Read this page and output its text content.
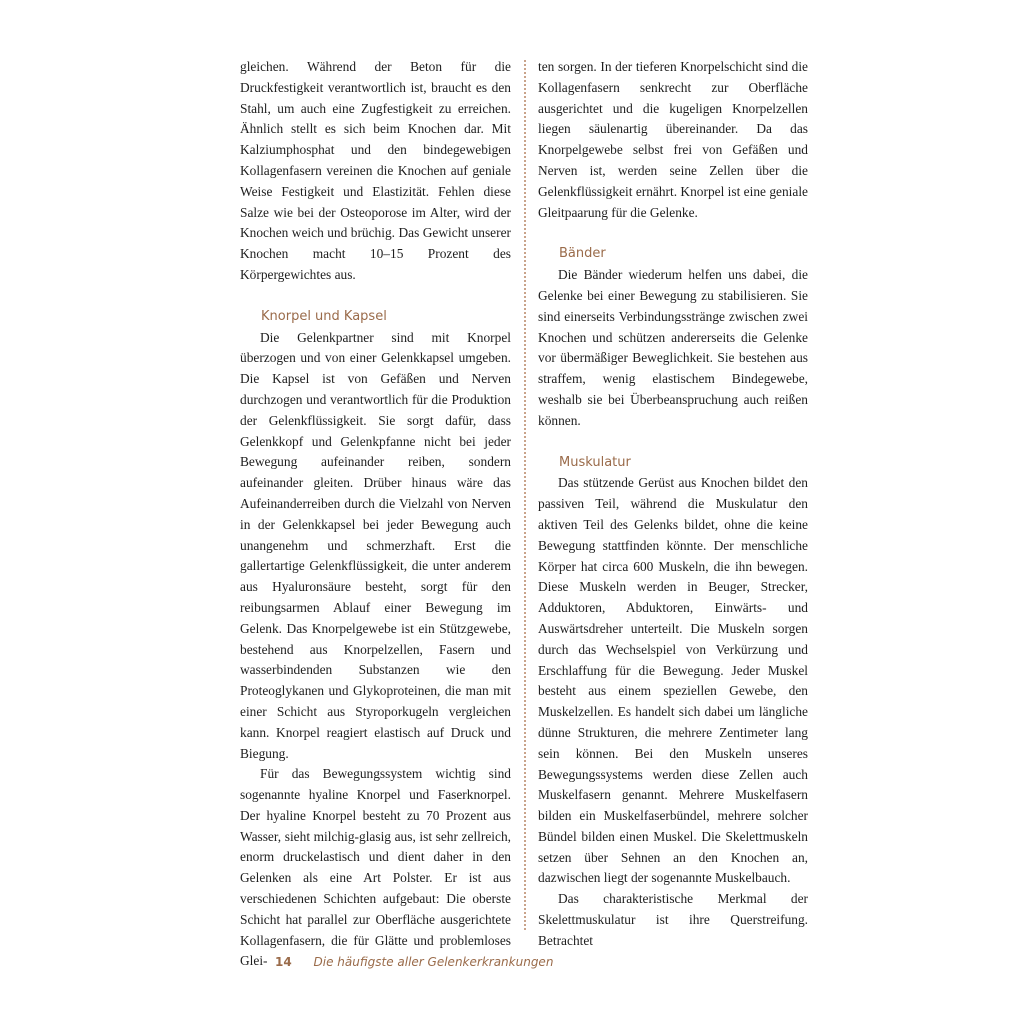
gleichen. Während der Beton für die Druckfestigkeit verantwortlich ist, braucht es den Stahl, um auch eine Zugfestigkeit zu erreichen. Ähnlich stellt es sich beim Knochen dar. Mit Kalziumphosphat und den bindegewebigen Kollagenfasern vereinen die Knochen auf geniale Weise Festigkeit und Elastizität. Fehlen diese Salze wie bei der Osteoporose im Alter, wird der Knochen weich und brüchig. Das Gewicht unserer Knochen macht 10–15 Prozent des Körpergewichtes aus.

Knorpel und Kapsel

Die Gelenkpartner sind mit Knorpel überzogen und von einer Gelenkkapsel umgeben. Die Kapsel ist von Gefäßen und Nerven durchzogen und verantwortlich für die Produktion der Gelenkflüssigkeit. Sie sorgt dafür, dass Gelenkkopf und Gelenkpfanne nicht bei jeder Bewegung aufeinander reiben, sondern aufeinander gleiten. Drüber hinaus wäre das Aufeinanderreiben durch die Vielzahl von Nerven in der Gelenkkapsel bei jeder Bewegung auch unangenehm und schmerzhaft. Erst die gallertartige Gelenkflüssigkeit, die unter anderem aus Hyaluronsäure besteht, sorgt für den reibungsarmen Ablauf einer Bewegung im Gelenk. Das Knorpelgewebe ist ein Stützgewebe, bestehend aus Knorpelzellen, Fasern und wasserbindenden Substanzen wie den Proteoglykanen und Glykoproteinen, die man mit einer Schicht aus Styroporkugeln vergleichen kann. Knorpel reagiert elastisch auf Druck und Biegung.

Für das Bewegungssystem wichtig sind sogenannte hyaline Knorpel und Faserknorpel. Der hyaline Knorpel besteht zu 70 Prozent aus Wasser, sieht milchig-glasig aus, ist sehr zellreich, enorm druckelastisch und dient daher in den Gelenken als eine Art Polster. Er ist aus verschiedenen Schichten aufgebaut: Die oberste Schicht hat parallel zur Oberfläche ausgerichtete Kollagenfasern, die für Glätte und problemloses Glei-

ten sorgen. In der tieferen Knorpelschicht sind die Kollagenfasern senkrecht zur Oberfläche ausgerichtet und die kugeligen Knorpelzellen liegen säulenartig übereinander. Da das Knorpelgewebe selbst frei von Gefäßen und Nerven ist, werden seine Zellen über die Gelenkflüssigkeit ernährt. Knorpel ist eine geniale Gleitpaarung für die Gelenke.

Bänder

Die Bänder wiederum helfen uns dabei, die Gelenke bei einer Bewegung zu stabilisieren. Sie sind einerseits Verbindungsstränge zwischen zwei Knochen und schützen andererseits die Gelenke vor übermäßiger Beweglichkeit. Sie bestehen aus straffem, wenig elastischem Bindegewebe, weshalb sie bei Überbeanspruchung auch reißen können.

Muskulatur

Das stützende Gerüst aus Knochen bildet den passiven Teil, während die Muskulatur den aktiven Teil des Gelenks bildet, ohne die keine Bewegung stattfinden könnte. Der menschliche Körper hat circa 600 Muskeln, die ihn bewegen. Diese Muskeln werden in Beuger, Strecker, Adduktoren, Abduktoren, Einwärts- und Auswärtsdreher unterteilt. Die Muskeln sorgen durch das Wechselspiel von Verkürzung und Erschlaffung für die Bewegung. Jeder Muskel besteht aus einem speziellen Gewebe, den Muskelzellen. Es handelt sich dabei um längliche dünne Strukturen, die mehrere Zentimeter lang sein können. Bei den Muskeln unseres Bewegungssystems werden diese Zellen auch Muskelfasern genannt. Mehrere Muskelfasern bilden ein Muskelfaserbündel, mehrere solcher Bündel bilden einen Muskel. Die Skelettmuskeln setzen über Sehnen an den Knochen an, dazwischen liegt der sogenannte Muskelbauch.

Das charakteristische Merkmal der Skelettmuskulatur ist ihre Querstreifung. Betrachtet

14 Die häufigste aller Gelenkerkrankungen
